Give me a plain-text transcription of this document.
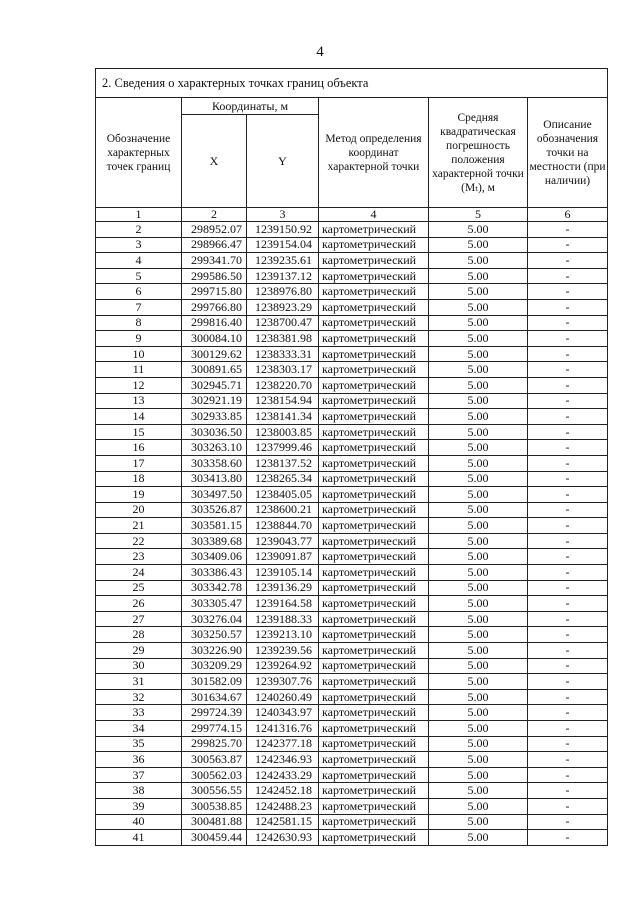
4
2. Сведения о характерных точках границ объекта					
Обозначение характерных точек границ	Координаты, м		Метод определения координат характерной точки	Средняя квадратическая погрешность положения характерной точки (Mₜ), м	Описание обозначения точки на местности (при наличии)
	X	Y			
1	2	3	4	5	6
2	298952.07	1239150.92	картометрический	5.00	-
3	298966.47	1239154.04	картометрический	5.00	-
4	299341.70	1239235.61	картометрический	5.00	-
5	299586.50	1239137.12	картометрический	5.00	-
6	299715.80	1238976.80	картометрический	5.00	-
7	299766.80	1238923.29	картометрический	5.00	-
8	299816.40	1238700.47	картометрический	5.00	-
9	300084.10	1238381.98	картометрический	5.00	-
10	300129.62	1238333.31	картометрический	5.00	-
11	300891.65	1238303.17	картометрический	5.00	-
12	302945.71	1238220.70	картометрический	5.00	-
13	302921.19	1238154.94	картометрический	5.00	-
14	302933.85	1238141.34	картометрический	5.00	-
15	303036.50	1238003.85	картометрический	5.00	-
16	303263.10	1237999.46	картометрический	5.00	-
17	303358.60	1238137.52	картометрический	5.00	-
18	303413.80	1238265.34	картометрический	5.00	-
19	303497.50	1238405.05	картометрический	5.00	-
20	303526.87	1238600.21	картометрический	5.00	-
21	303581.15	1238844.70	картометрический	5.00	-
22	303389.68	1239043.77	картометрический	5.00	-
23	303409.06	1239091.87	картометрический	5.00	-
24	303386.43	1239105.14	картометрический	5.00	-
25	303342.78	1239136.29	картометрический	5.00	-
26	303305.47	1239164.58	картометрический	5.00	-
27	303276.04	1239188.33	картометрический	5.00	-
28	303250.57	1239213.10	картометрический	5.00	-
29	303226.90	1239239.56	картометрический	5.00	-
30	303209.29	1239264.92	картометрический	5.00	-
31	301582.09	1239307.76	картометрический	5.00	-
32	301634.67	1240260.49	картометрический	5.00	-
33	299724.39	1240343.97	картометрический	5.00	-
34	299774.15	1241316.76	картометрический	5.00	-
35	299825.70	1242377.18	картометрический	5.00	-
36	300563.87	1242346.93	картометрический	5.00	-
37	300562.03	1242433.29	картометрический	5.00	-
38	300556.55	1242452.18	картометрический	5.00	-
39	300538.85	1242488.23	картометрический	5.00	-
40	300481.88	1242581.15	картометрический	5.00	-
41	300459.44	1242630.93	картометрический	5.00	-
